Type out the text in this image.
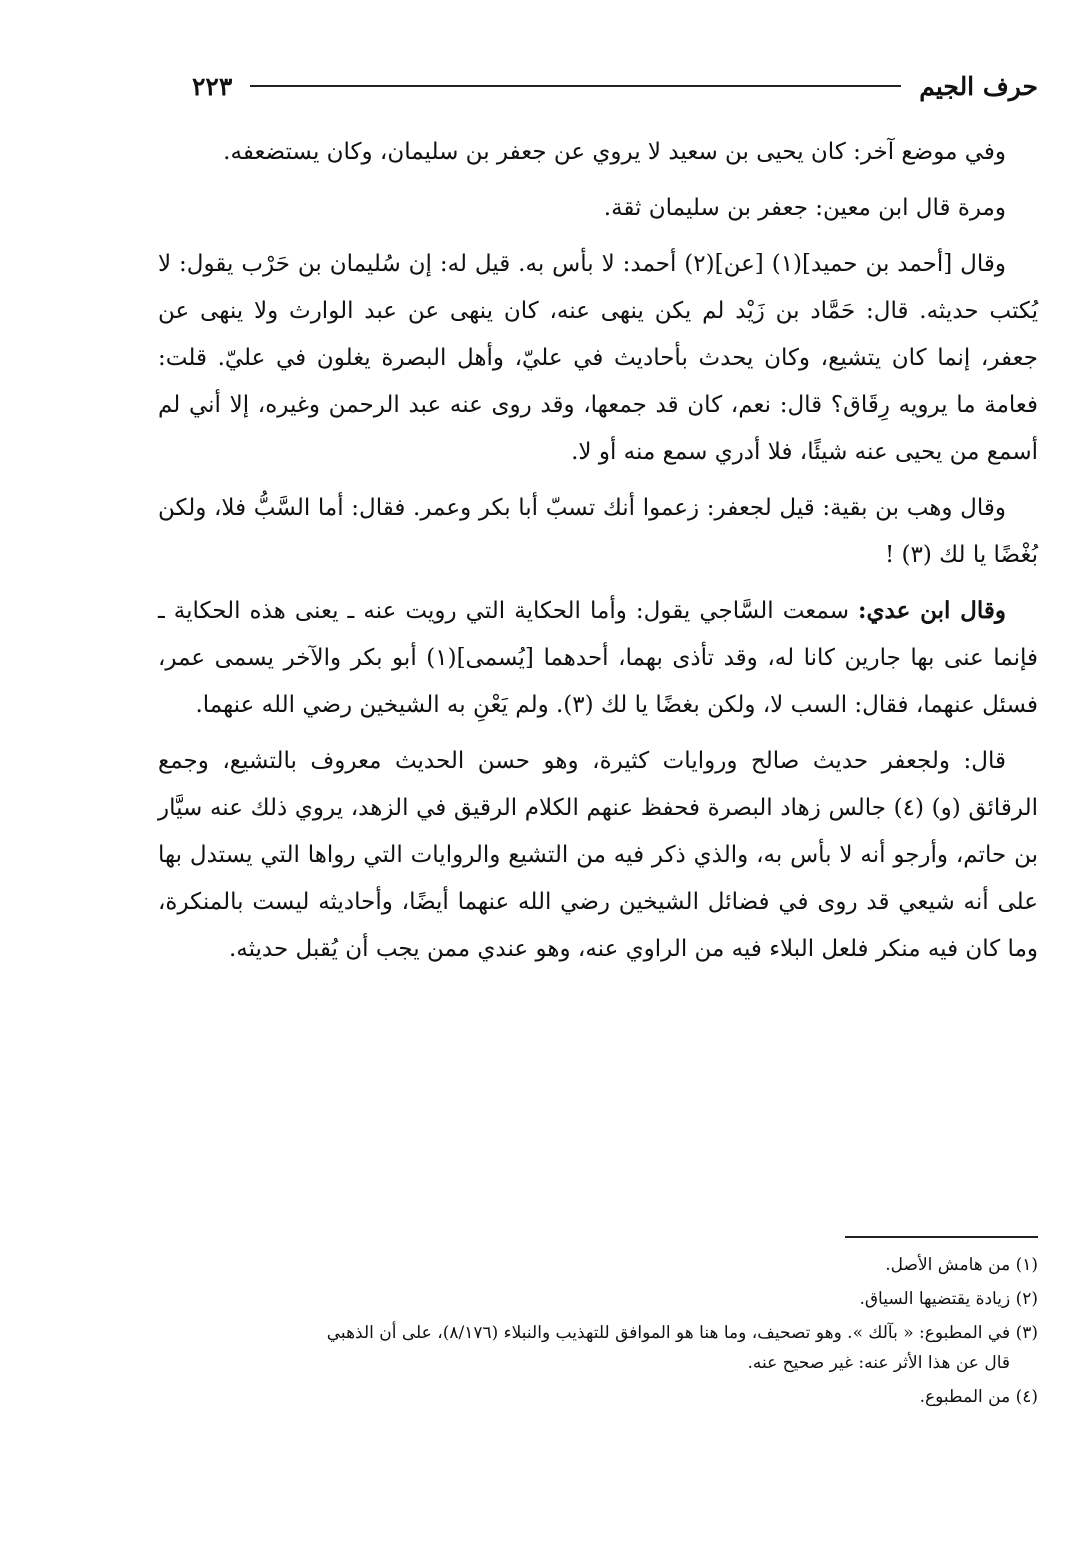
حرف الجيم
٢٢٣

وفي موضع آخر: كان يحيى بن سعيد لا يروي عن جعفر بن سليمان، وكان يستضعفه.

ومرة قال ابن معين: جعفر بن سليمان ثقة.

وقال [أحمد بن حميد](١) [عن](٢) أحمد: لا بأس به. قيل له: إن سُليمان بن حَرْب يقول: لا يُكتب حديثه. قال: حَمَّاد بن زَيْد لم يكن ينهى عنه، كان ينهى عن عبد الوارث ولا ينهى عن جعفر، إنما كان يتشيع، وكان يحدث بأحاديث في عليّ، وأهل البصرة يغلون في عليّ. قلت: فعامة ما يرويه رِقَاق؟ قال: نعم، كان قد جمعها، وقد روى عنه عبد الرحمن وغيره، إلا أني لم أسمع من يحيى عنه شيئًا، فلا أدري سمع منه أو لا.

وقال وهب بن بقية: قيل لجعفر: زعموا أنك تسبّ أبا بكر وعمر. فقال: أما السَّبُّ فلا، ولكن بُغْضًا يا لك (٣) !

وقال ابن عدي: سمعت السَّاجي يقول: وأما الحكاية التي رويت عنه ـ يعنى هذه الحكاية ـ فإنما عنى بها جارين كانا له، وقد تأذى بهما، أحدهما [يُسمى](١) أبو بكر والآخر يسمى عمر، فسئل عنهما، فقال: السب لا، ولكن بغضًا يا لك (٣). ولم يَعْنِ به الشيخين رضي الله عنهما.

قال: ولجعفر حديث صالح وروايات كثيرة، وهو حسن الحديث معروف بالتشيع، وجمع الرقائق (و) (٤) جالس زهاد البصرة فحفظ عنهم الكلام الرقيق في الزهد، يروي ذلك عنه سيَّار بن حاتم، وأرجو أنه لا بأس به، والذي ذكر فيه من التشيع والروايات التي رواها التي يستدل بها على أنه شيعي قد روى في فضائل الشيخين رضي الله عنهما أيضًا، وأحاديثه ليست بالمنكرة، وما كان فيه منكر فلعل البلاء فيه من الراوي عنه، وهو عندي ممن يجب أن يُقبل حديثه.

(١) من هامش الأصل.
(٢) زيادة يقتضيها السياق.
(٣) في المطبوع: « بآلك ». وهو تصحيف، وما هنا هو الموافق للتهذيب والنبلاء (٨/١٧٦)، على أن الذهبي
قال عن هذا الأثر عنه: غير صحيح عنه.
(٤) من المطبوع.
